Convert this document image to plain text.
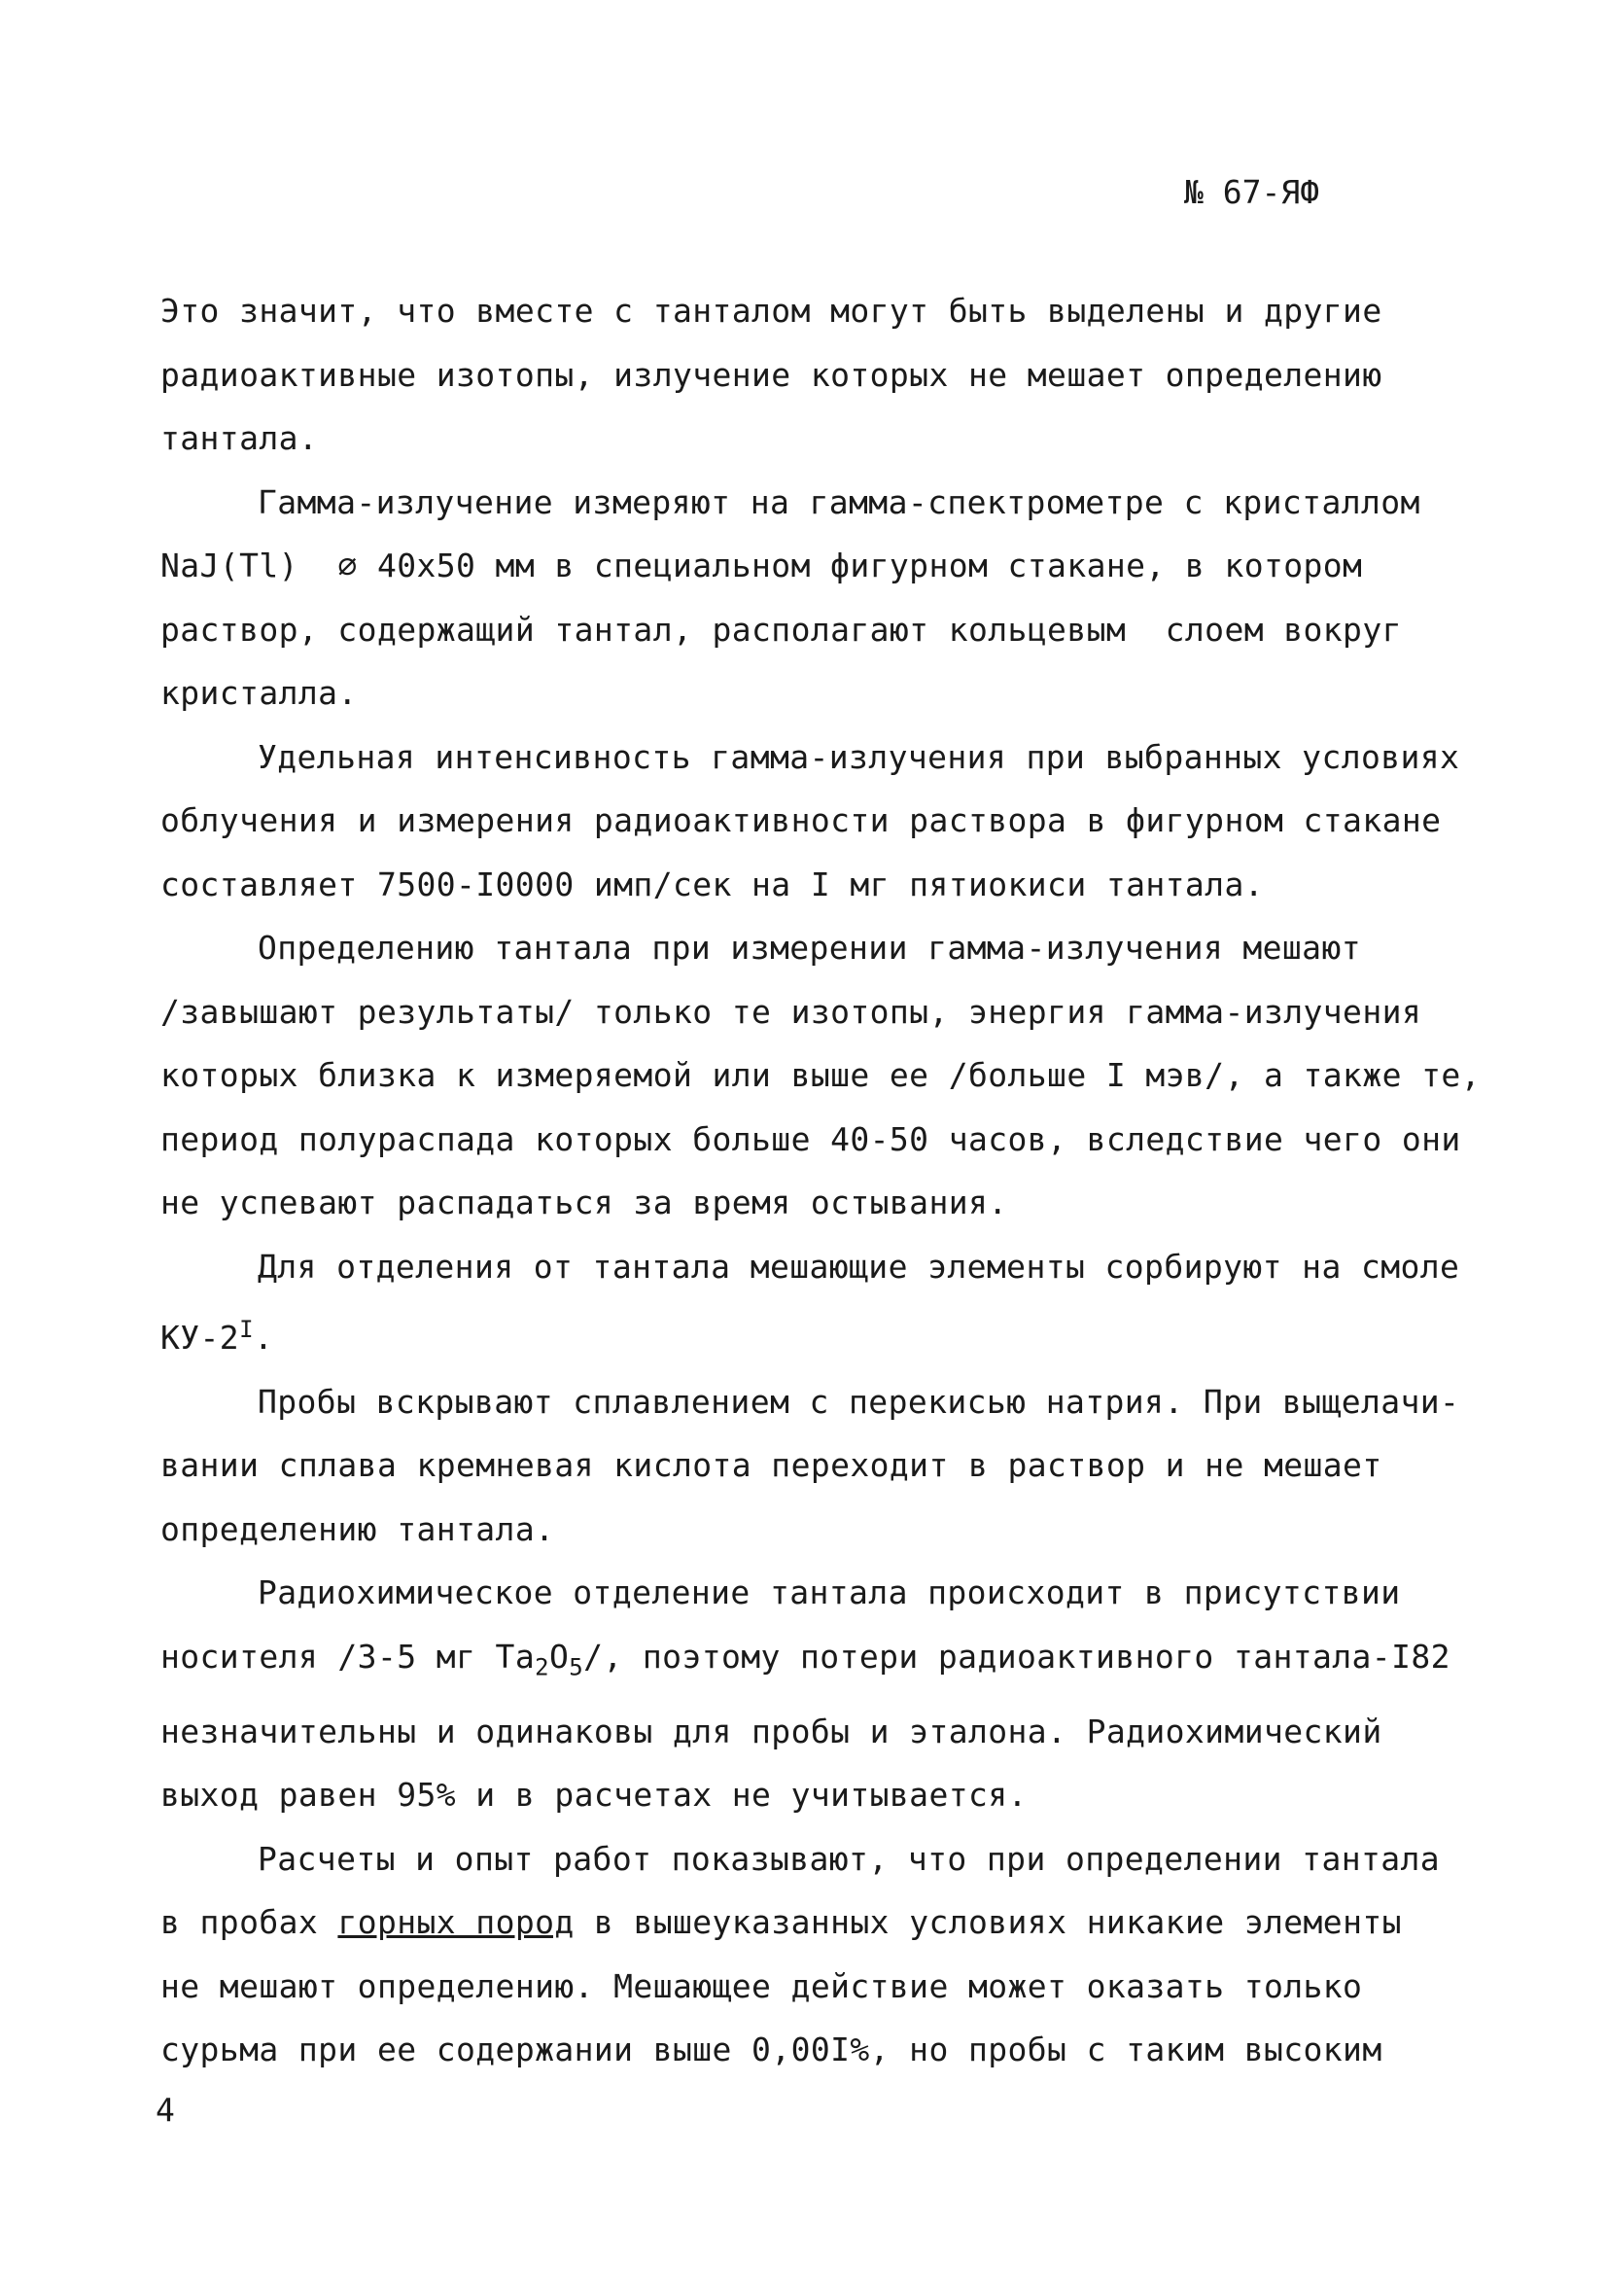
№ 67-ЯФ
Это значит, что вместе с танталом могут быть выделены и другие
радиоактивные изотопы, излучение которых не мешает определению
тантала.
Гамма-излучение измеряют на гамма-спектрометре с кристаллом
NaJ(Tl)  ∅ 40х50 мм в специальном фигурном стакане, в котором
раствор, содержащий тантал, располагают кольцевым  слоем вокруг
кристалла.
Удельная интенсивность гамма-излучения при выбранных условиях
облучения и измерения радиоактивности раствора в фигурном стакане
составляет 7500-I0000 имп/сек на I мг пятиокиси тантала.
Определению тантала при измерении гамма-излучения мешают
/завышают результаты/ только те изотопы, энергия гамма-излучения
которых близка к измеряемой или выше ее /больше I мэв/, а также те,
период полураспада которых больше 40-50 часов, вследствие чего они
не успевают распадаться за время остывания.
Для отделения от тантала мешающие элементы сорбируют на смоле
$КУ-2^I$.
Пробы вскрывают сплавлением с перекисью натрия. При выщелачи-
вании сплава кремневая кислота переходит в раствор и не мешает
определению тантала.
Радиохимическое отделение тантала происходит в присутствии
носителя /3-5 мг $Ta_2O_5/$, поэтому потери радиоактивного тантала-I82
незначительны и одинаковы для пробы и эталона. Радиохимический
выход равен 95% и в расчетах не учитывается.
Расчеты и опыт работ показывают, что при определении тантала
в пробах горных пород в вышеуказанных условиях никакие элементы
не мешают определению. Мешающее действие может оказать только
сурьма при ее содержании выше 0,00I%, но пробы с таким высоким
4
